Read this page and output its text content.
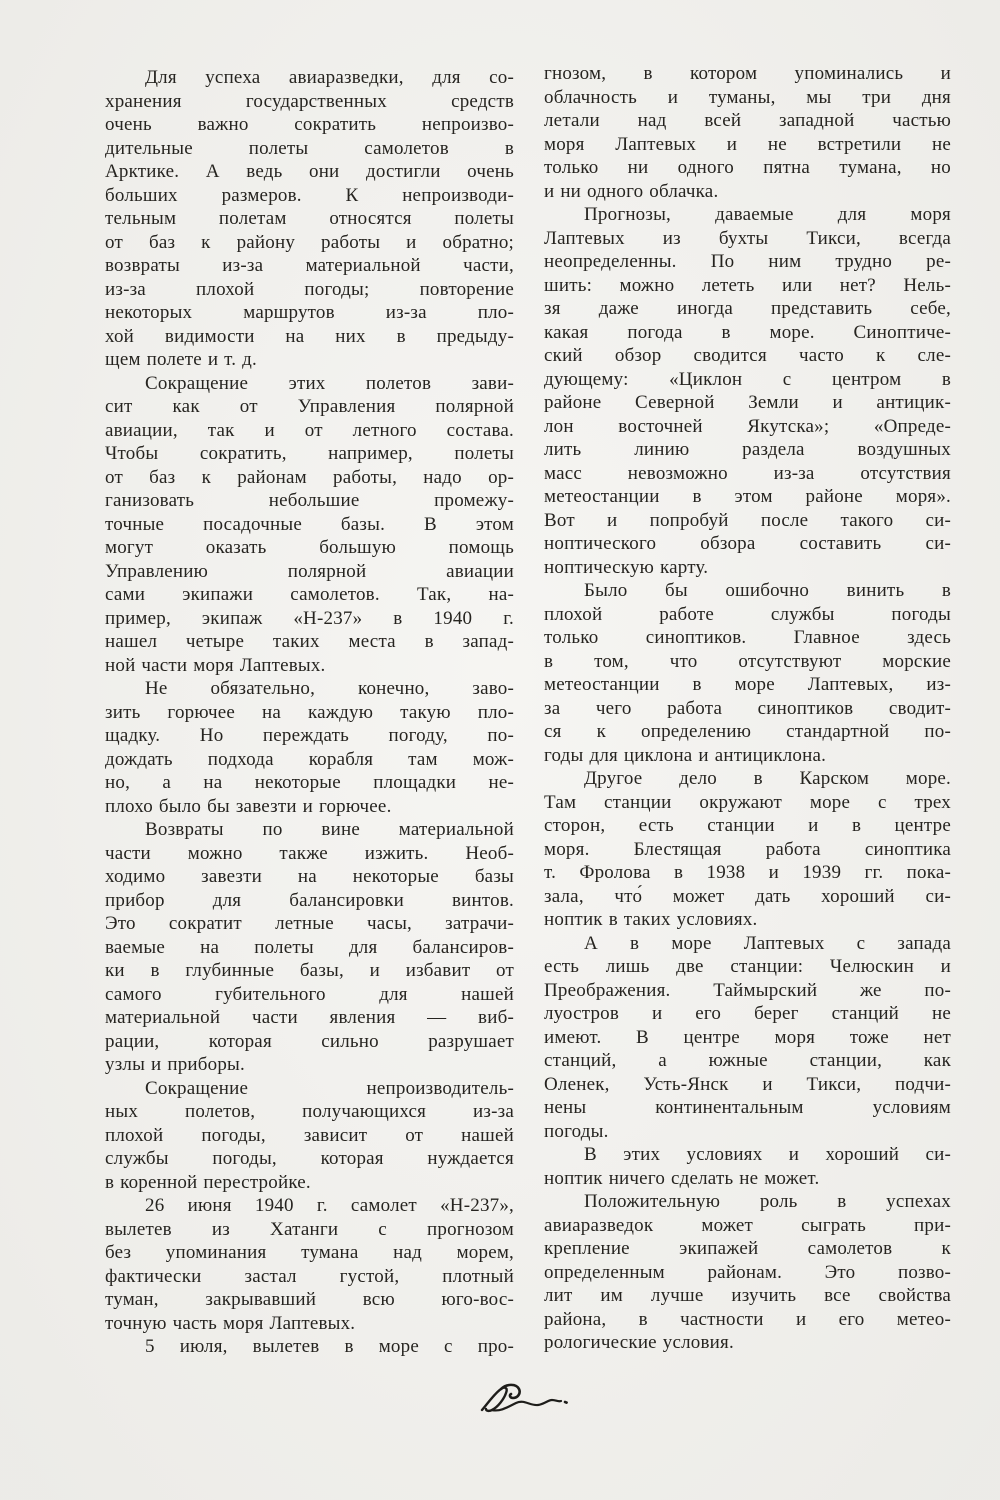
Для успеха авиаразведки, для со-
хранения государственных средств
очень важно сократить непроизво-
дительные полеты самолетов в
Арктике. А ведь они достигли очень
больших размеров. К непроизводи-
тельным полетам относятся полеты
от баз к району работы и обратно;
возвраты из-за материальной части,
из-за плохой погоды; повторение
некоторых маршрутов из-за пло-
хой видимости на них в предыду-
щем полете и т. д.
Сокращение этих полетов зави-
сит как от Управления полярной
авиации, так и от летного состава.
Чтобы сократить, например, полеты
от баз к районам работы, надо ор-
ганизовать небольшие промежу-
точные посадочные базы. В этом
могут оказать большую помощь
Управлению полярной авиации
сами экипажи самолетов. Так, на-
пример, экипаж «Н-237» в 1940 г.
нашел четыре таких места в запад-
ной части моря Лаптевых.
Не обязательно, конечно, заво-
зить горючее на каждую такую пло-
щадку. Но переждать погоду, по-
дождать подхода корабля там мож-
но, а на некоторые площадки не-
плохо было бы завезти и горючее.
Возвраты по вине материальной
части можно также изжить. Необ-
ходимо завезти на некоторые базы
прибор для балансировки винтов.
Это сократит летные часы, затрачи-
ваемые на полеты для балансиров-
ки в глубинные базы, и избавит от
самого губительного для нашей
материальной части явления — виб-
рации, которая сильно разрушает
узлы и приборы.
Сокращение непроизводитель-
ных полетов, получающихся из-за
плохой погоды, зависит от нашей
службы погоды, которая нуждается
в коренной перестройке.
26 июня 1940 г. самолет «Н-237»,
вылетев из Хатанги с прогнозом
без упоминания тумана над морем,
фактически застал густой, плотный
туман, закрывавший всю юго-вос-
точную часть моря Лаптевых.
5 июля, вылетев в море с про-
гнозом, в котором упоминались и
облачность и туманы, мы три дня
летали над всей западной частью
моря Лаптевых и не встретили не
только ни одного пятна тумана, но
и ни одного облачка.
Прогнозы, даваемые для моря
Лаптевых из бухты Тикси, всегда
неопределенны. По ним трудно ре-
шить: можно лететь или нет? Нель-
зя даже иногда представить себе,
какая погода в море. Синоптиче-
ский обзор сводится часто к сле-
дующему: «Циклон с центром в
районе Северной Земли и антицик-
лон восточней Якутска»; «Опреде-
лить линию раздела воздушных
масс невозможно из-за отсутствия
метеостанции в этом районе моря».
Вот и попробуй после такого си-
ноптического обзора составить си-
ноптическую карту.
Было бы ошибочно винить в
плохой работе службы погоды
только синоптиков. Главное здесь
в том, что отсутствуют морские
метеостанции в море Лаптевых, из-
за чего работа синоптиков сводит-
ся к определению стандартной по-
годы для циклона и антициклона.
Другое дело в Карском море.
Там станции окружают море с трех
сторон, есть станции и в центре
моря. Блестящая работа синоптика
т. Фролова в 1938 и 1939 гг. пока-
зала, что́ может дать хороший си-
ноптик в таких условиях.
А в море Лаптевых с запада
есть лишь две станции: Челюскин и
Преображения. Таймырский же по-
луостров и его берег станций не
имеют. В центре моря тоже нет
станций, а южные станции, как
Оленек, Усть-Янск и Тикси, подчи-
нены континентальным условиям
погоды.
В этих условиях и хороший си-
ноптик ничего сделать не может.
Положительную роль в успехах
авиаразведок может сыграть при-
крепление экипажей самолетов к
определенным районам. Это позво-
лит им лучше изучить все свойства
района, в частности и его метео-
рологические условия.
